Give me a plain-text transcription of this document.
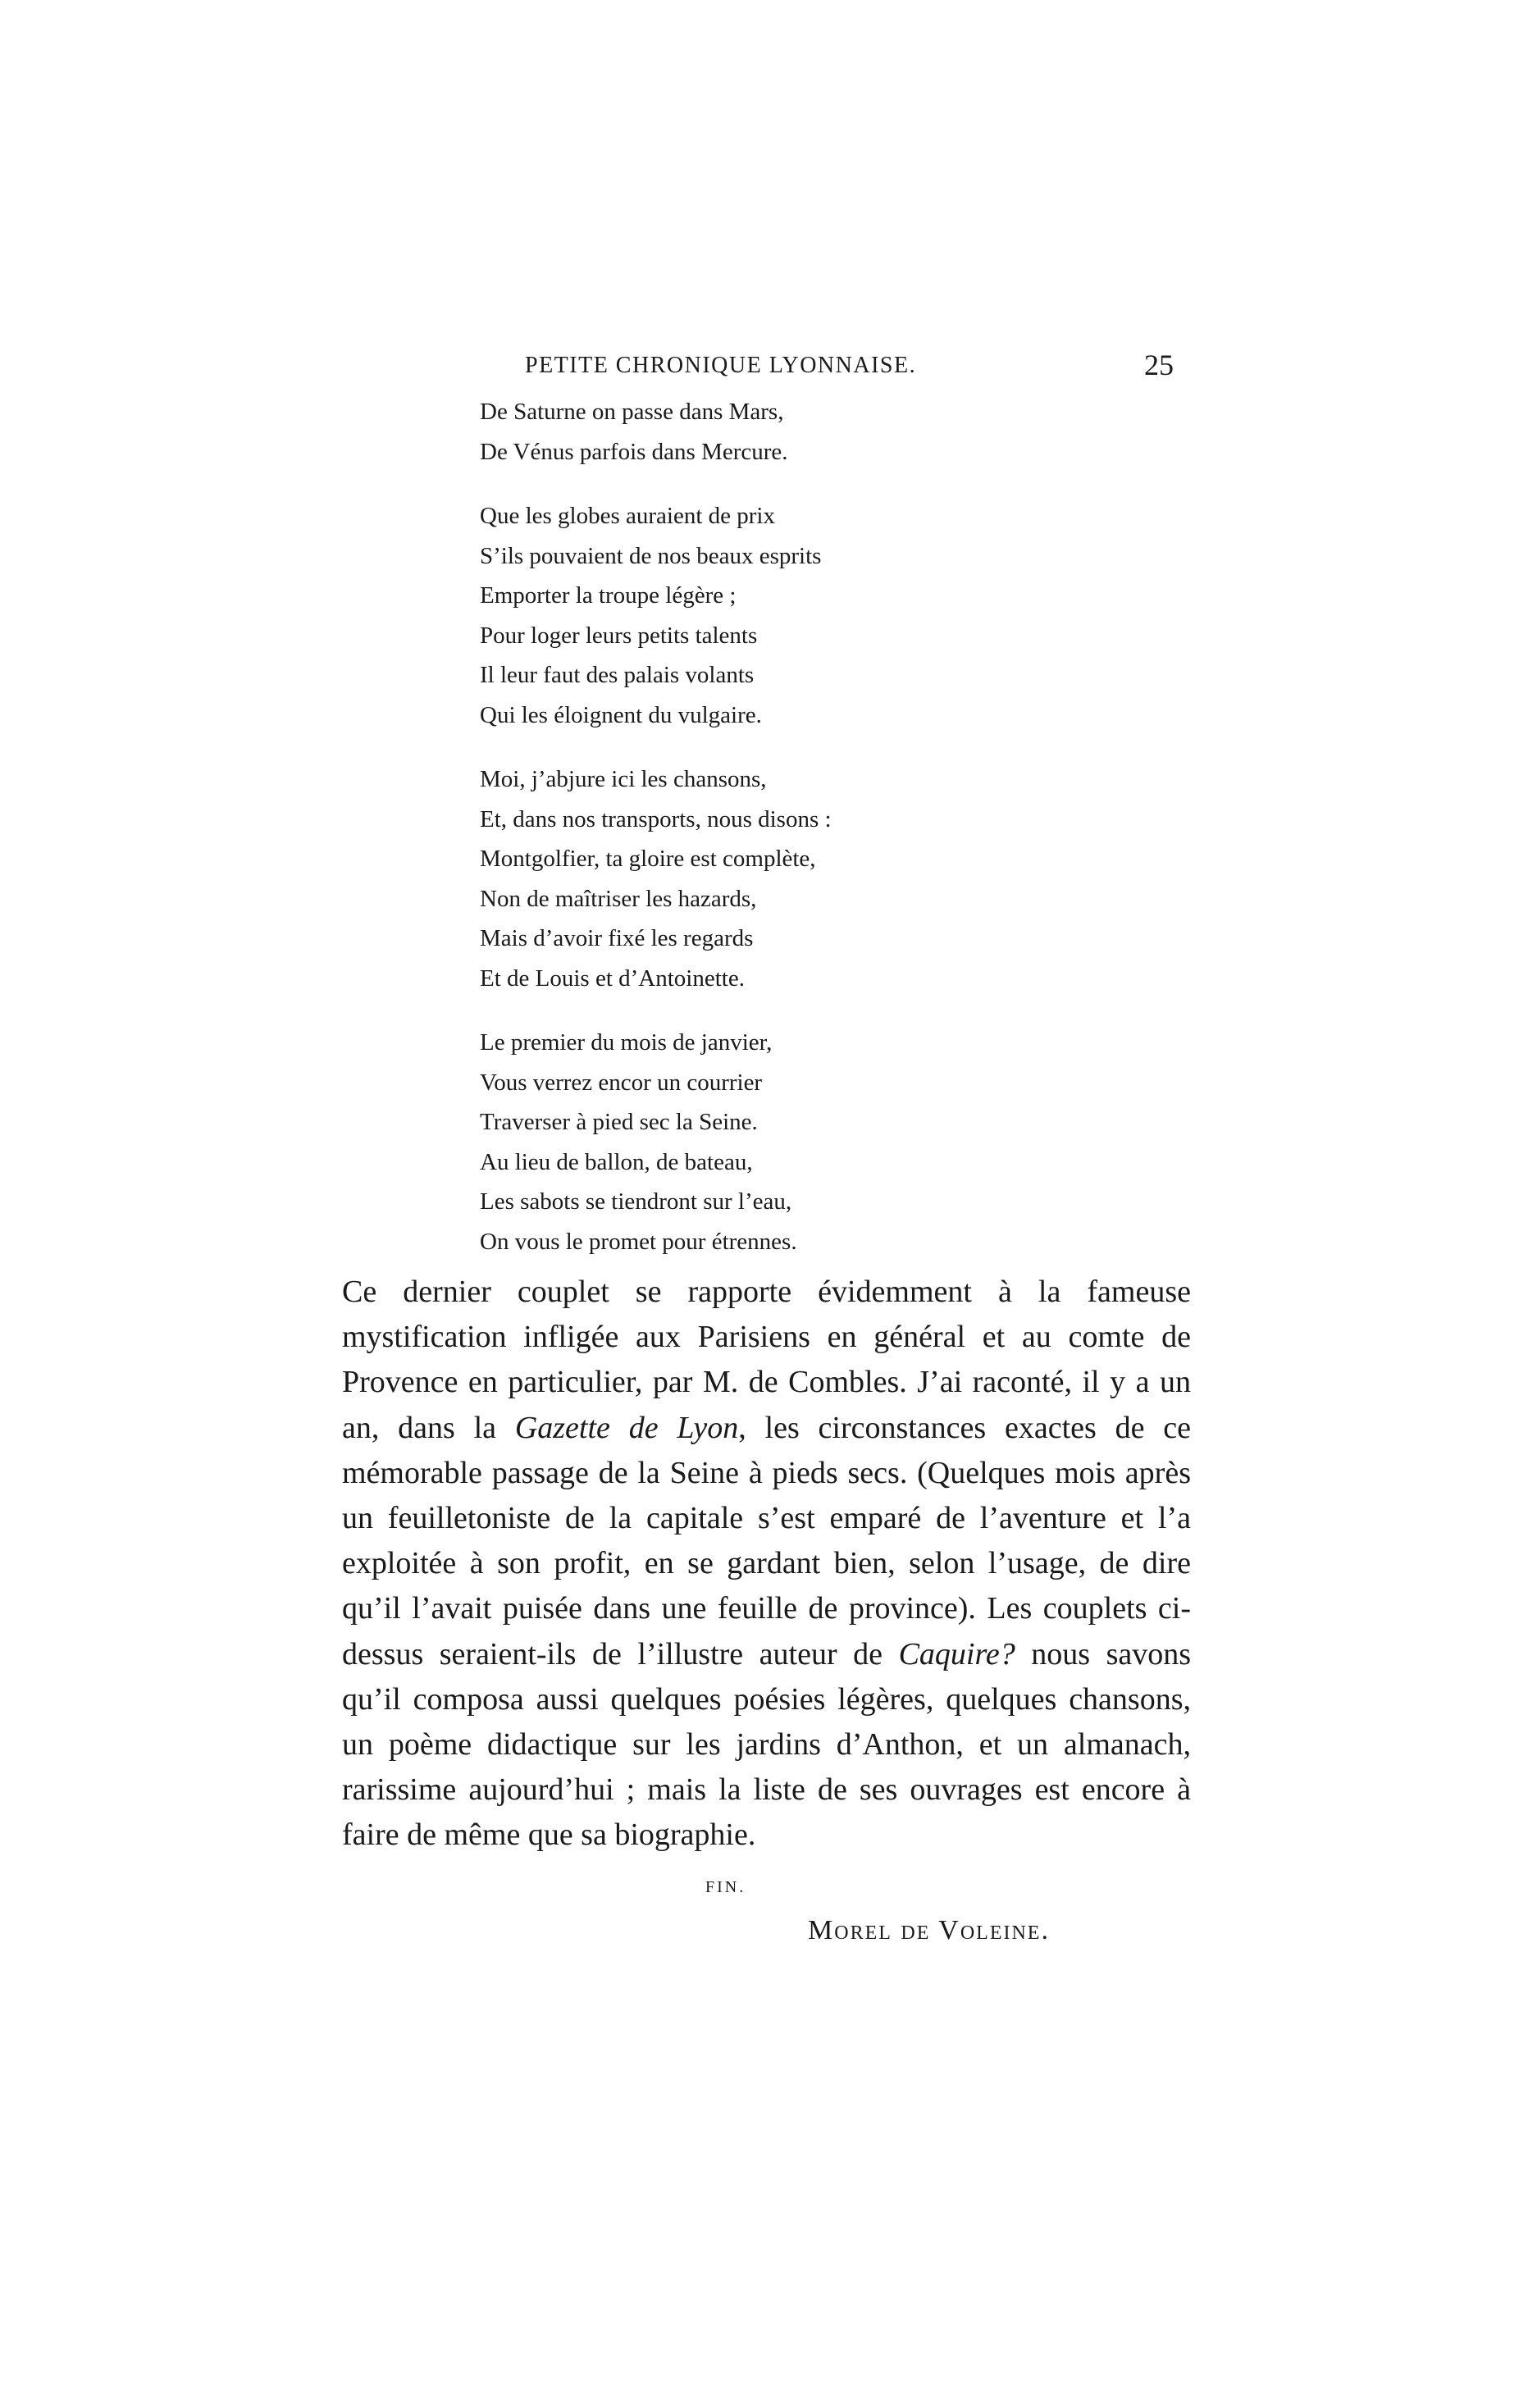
PETITE CHRONIQUE LYONNAISE.	25
De Saturne on passe dans Mars,
De Vénus parfois dans Mercure.
Que les globes auraient de prix
S’ils pouvaient de nos beaux esprits
Emporter la troupe légère ;
Pour loger leurs petits talents
Il leur faut des palais volants
Qui les éloignent du vulgaire.
Moi, j’abjure ici les chansons,
Et, dans nos transports, nous disons :
Montgolfier, ta gloire est complète,
Non de maîtriser les hazards,
Mais d’avoir fixé les regards
Et de Louis et d’Antoinette.
Le premier du mois de janvier,
Vous verrez encor un courrier
Traverser à pied sec la Seine.
Au lieu de ballon, de bateau,
Les sabots se tiendront sur l’eau,
On vous le promet pour étrennes.

Ce dernier couplet se rapporte évidemment à la fameuse mystification infligée aux Parisiens en général et au comte de Provence en particulier, par M. de Combles. J’ai raconté, il y a un an, dans la Gazette de Lyon, les circonstances exactes de ce mémorable passage de la Seine à pieds secs. (Quelques mois après un feuilletoniste de la capitale s’est emparé de l’aventure et l’a exploitée à son profit, en se gardant bien, selon l’usage, de dire qu’il l’avait puisée dans une feuille de province). Les couplets ci-dessus seraient-ils de l’illustre auteur de Caquire? nous savons qu’il composa aussi quelques poésies légères, quelques chansons, un poème didactique sur les jardins d’Anthon, et un almanach, rarissime aujourd’hui ; mais la liste de ses ouvrages est encore à faire de même que sa biographie.

FIN.
Morel de Voleine.
